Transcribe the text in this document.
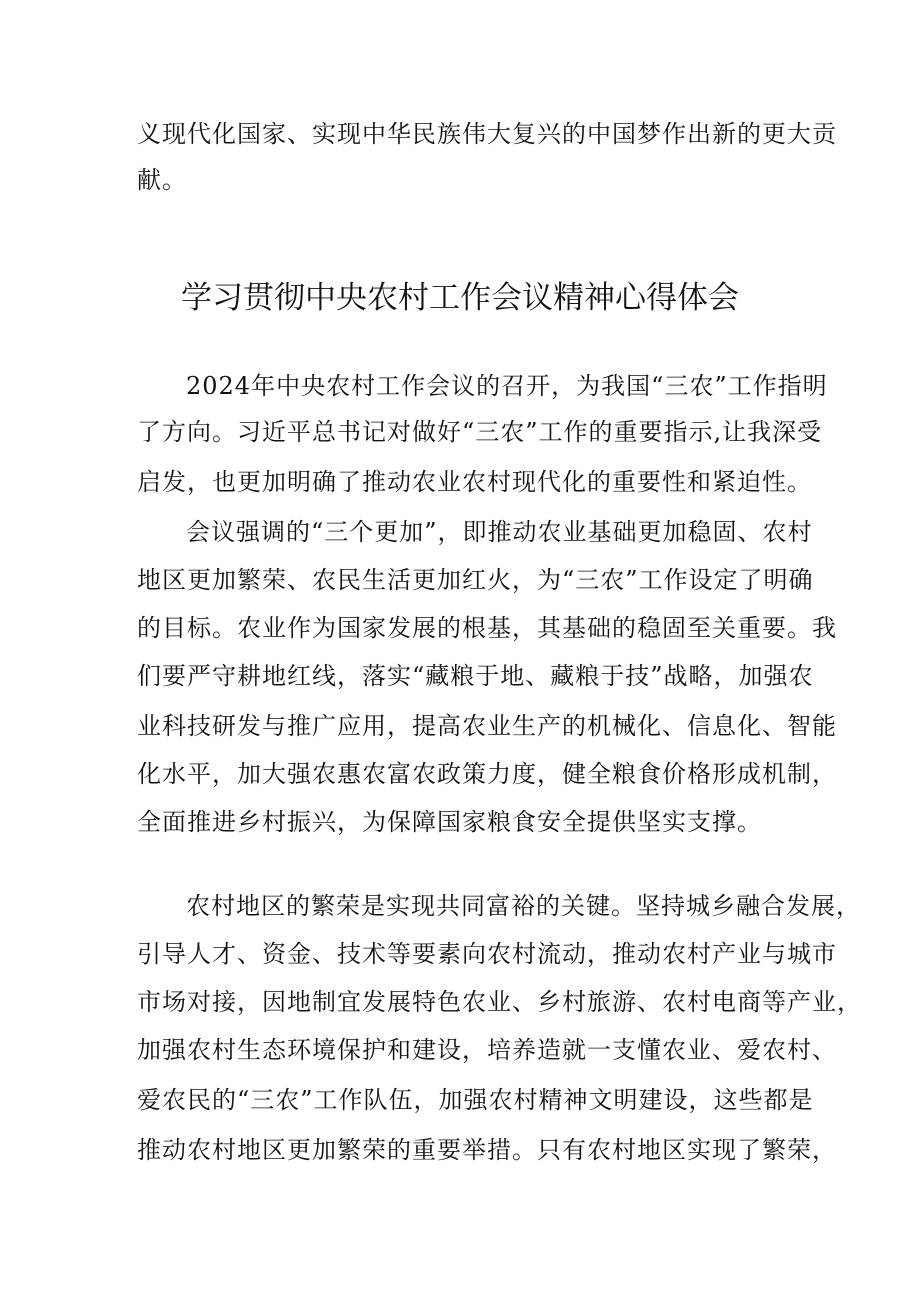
义现代化国家、实现中华民族伟大复兴的中国梦作出新的更大贡
献。
学习贯彻中央农村工作会议精神心得体会
2024年中央农村工作会议的召开，为我国“三农”工作指明
了方向。习近平总书记对做好“三农”工作的重要指示,让我深受
启发，也更加明确了推动农业农村现代化的重要性和紧迫性。
会议强调的“三个更加”，即推动农业基础更加稳固、农村
地区更加繁荣、农民生活更加红火，为“三农”工作设定了明确
的目标。农业作为国家发展的根基，其基础的稳固至关重要。我
们要严守耕地红线，落实“藏粮于地、藏粮于技”战略，加强农
业科技研发与推广应用，提高农业生产的机械化、信息化、智能
化水平，加大强农惠农富农政策力度，健全粮食价格形成机制，
全面推进乡村振兴，为保障国家粮食安全提供坚实支撑。
农村地区的繁荣是实现共同富裕的关键。坚持城乡融合发展，
引导人才、资金、技术等要素向农村流动，推动农村产业与城市
市场对接，因地制宜发展特色农业、乡村旅游、农村电商等产业，
加强农村生态环境保护和建设，培养造就一支懂农业、爱农村、
爱农民的“三农”工作队伍，加强农村精神文明建设，这些都是
推动农村地区更加繁荣的重要举措。只有农村地区实现了繁荣，
